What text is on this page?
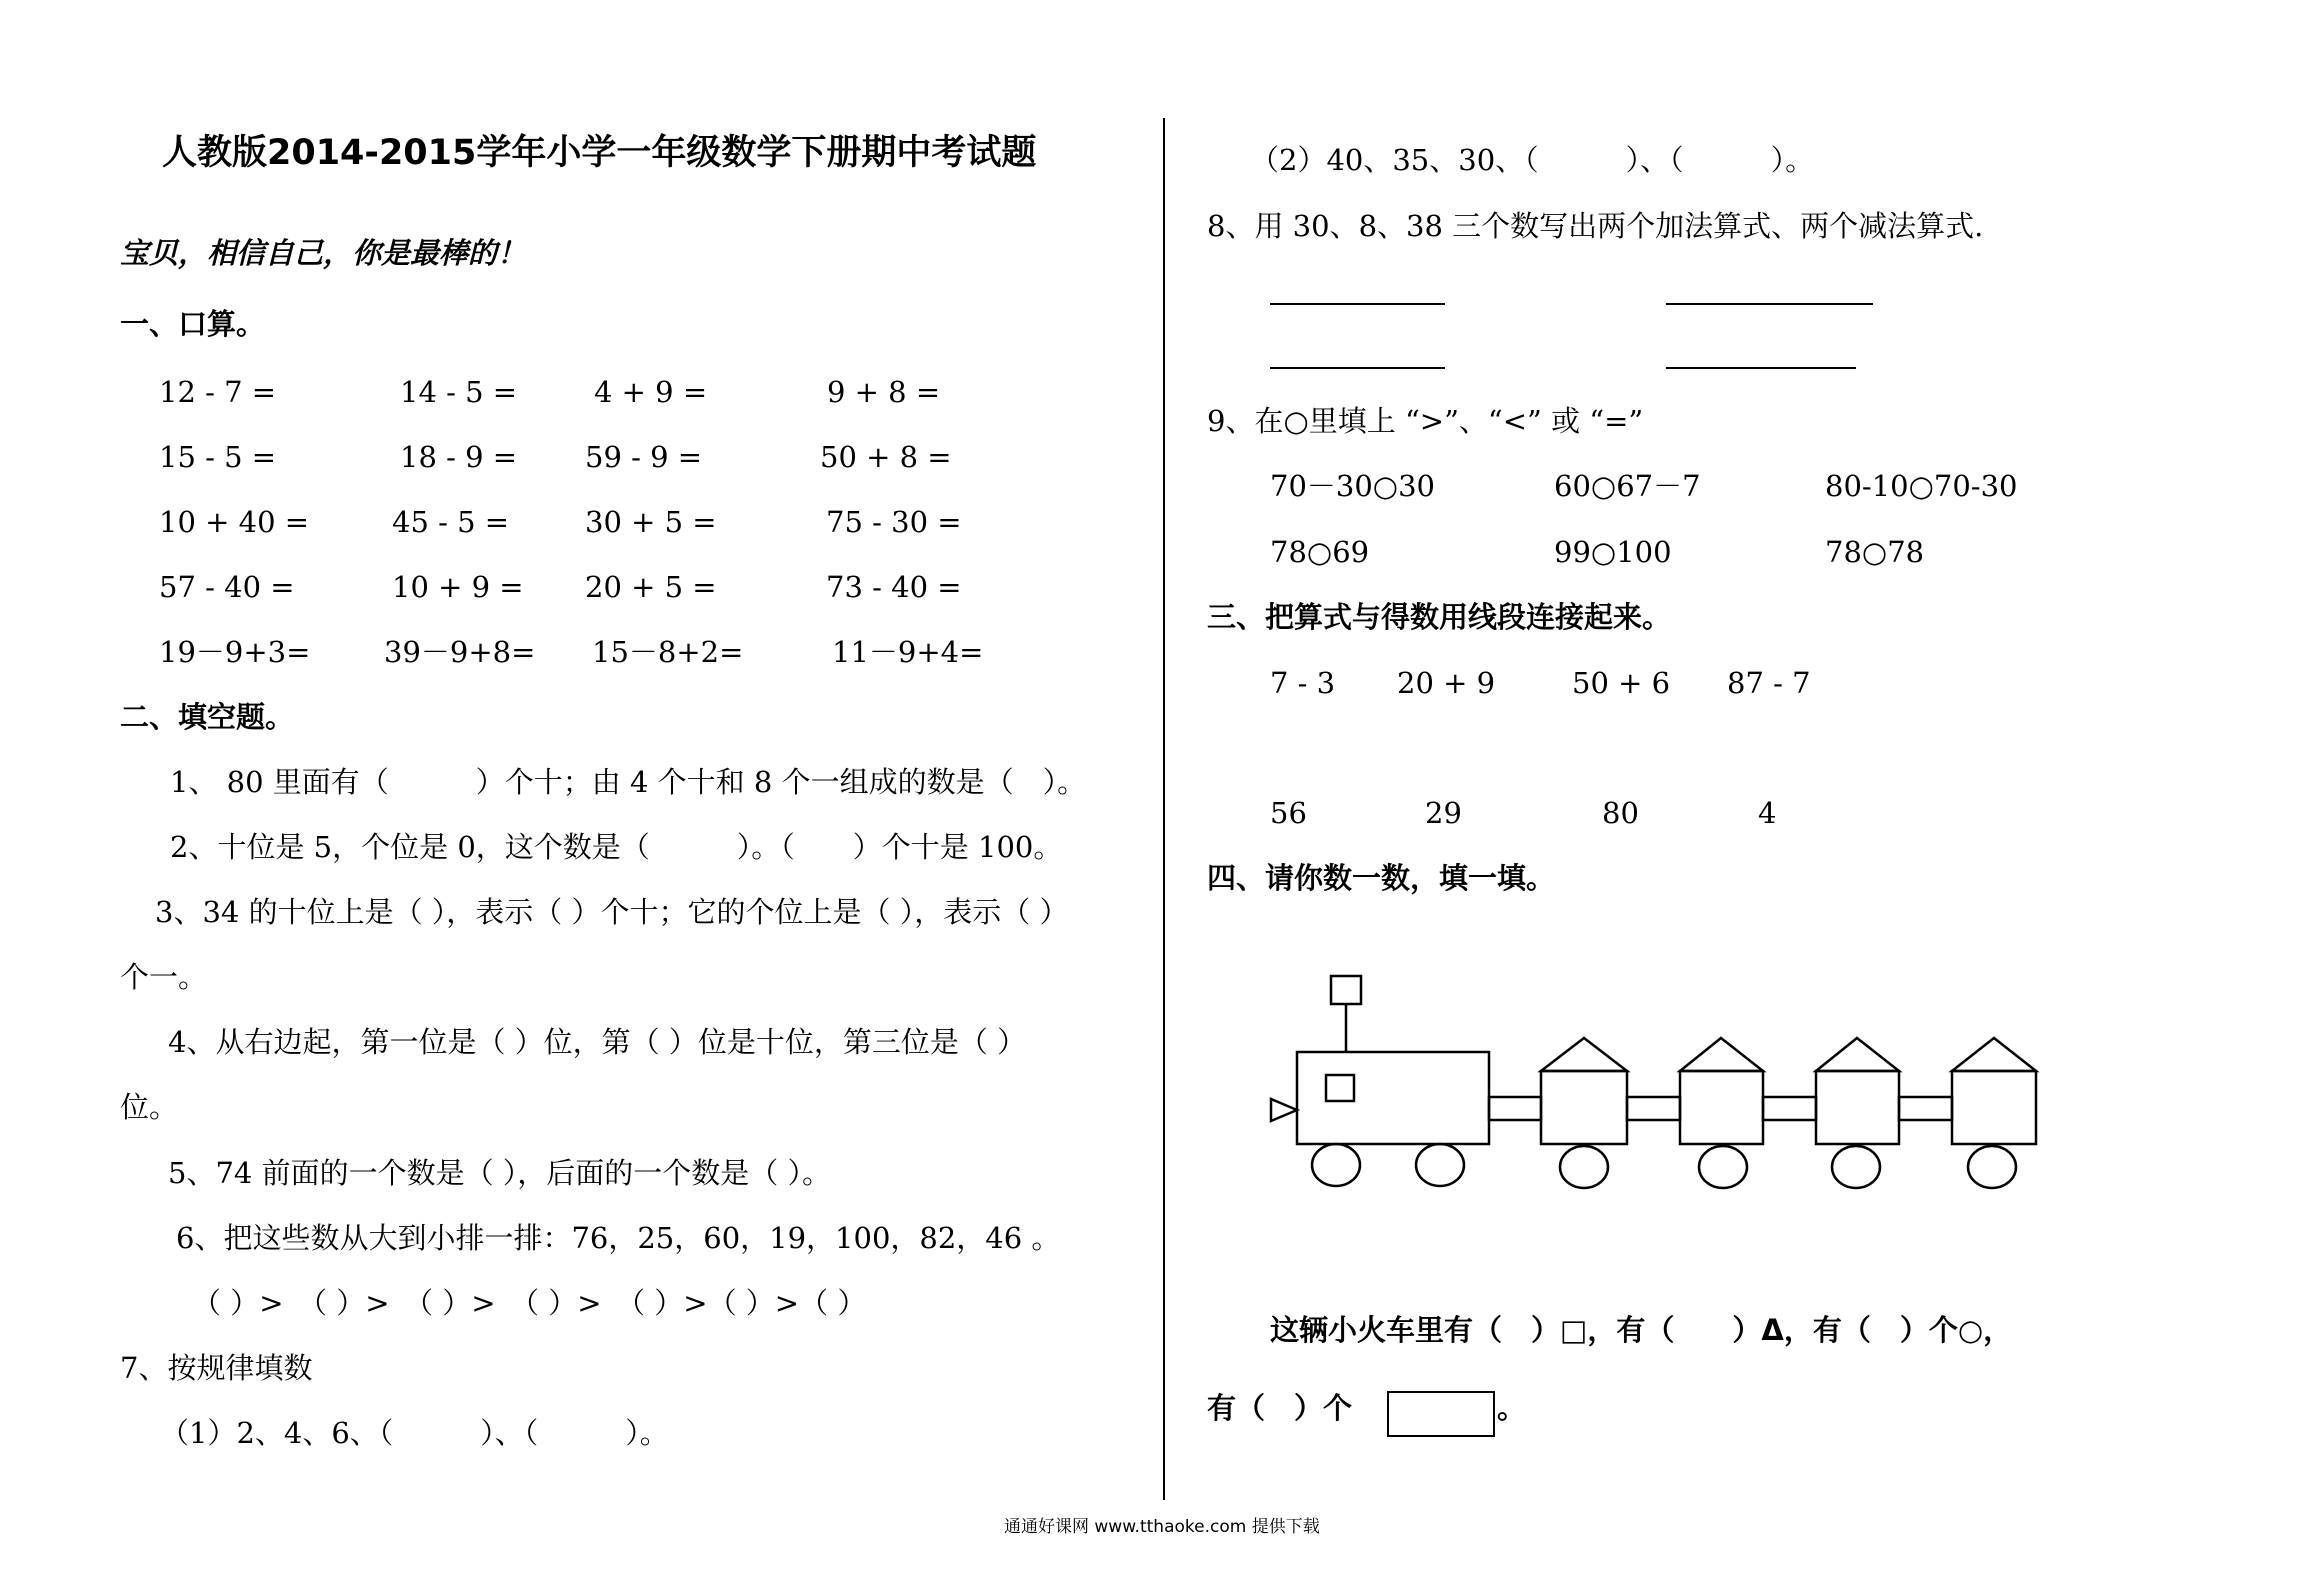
人教版2014-2015学年小学一年级数学下册期中考试题
宝贝，相信自己，你是最棒的！
一、口算。
12 - 7 =	14 - 5 =	4 + 9 =	9 + 8 =
15 - 5 =	18 - 9 = 59 - 9 =	50 + 8 =
10 + 40 =	45 - 5 =	30 + 5 =	75 - 30 =
57 - 40 =	10 + 9 = 20 + 5 =	73 - 40 =
19－9+3=	39－9+8= 15－8+2=	11－9+4=
二、填空题。
1、 80 里面有（　　　）个十；由 4 个十和 8 个一组成的数是（　）。
2、十位是 5，个位是 0，这个数是（　　　）。（　　）个十是 100。
3、34 的十位上是（ ），表示（ ）个十；它的个位上是（ ），表示（ ）
个一。
4、从右边起，第一位是（ ）位，第（ ）位是十位，第三位是（ ）
位。
5、74 前面的一个数是（ ），后面的一个数是（ ）。
6、把这些数从大到小排一排：76，25，60，19，100，82，46 。
（ ）>　（ ）>　（ ）>　（ ）>　（ ）>（ ）>（ ）
7、按规律填数
（1）2、4、6、（　　　）、（　　　）。
（2）40、35、30、（　　　）、（　　　）。
8、用 30、8、38 三个数写出两个加法算式、两个减法算式.
9、在○里填上 “>”、“<” 或 “=”
70－30○30	60○67－7	80-10○70-30
78○69	99○100	78○78
三、把算式与得数用线段连接起来。
7 - 3 20 + 9	50 + 6 87 - 7
56	29	80	4
四、请你数一数，填一填。
这辆小火车里有（　）□，有（　　）Δ，有（　）个○，
有（　）个	。
通通好课网 www.tthaoke.com 提供下载
